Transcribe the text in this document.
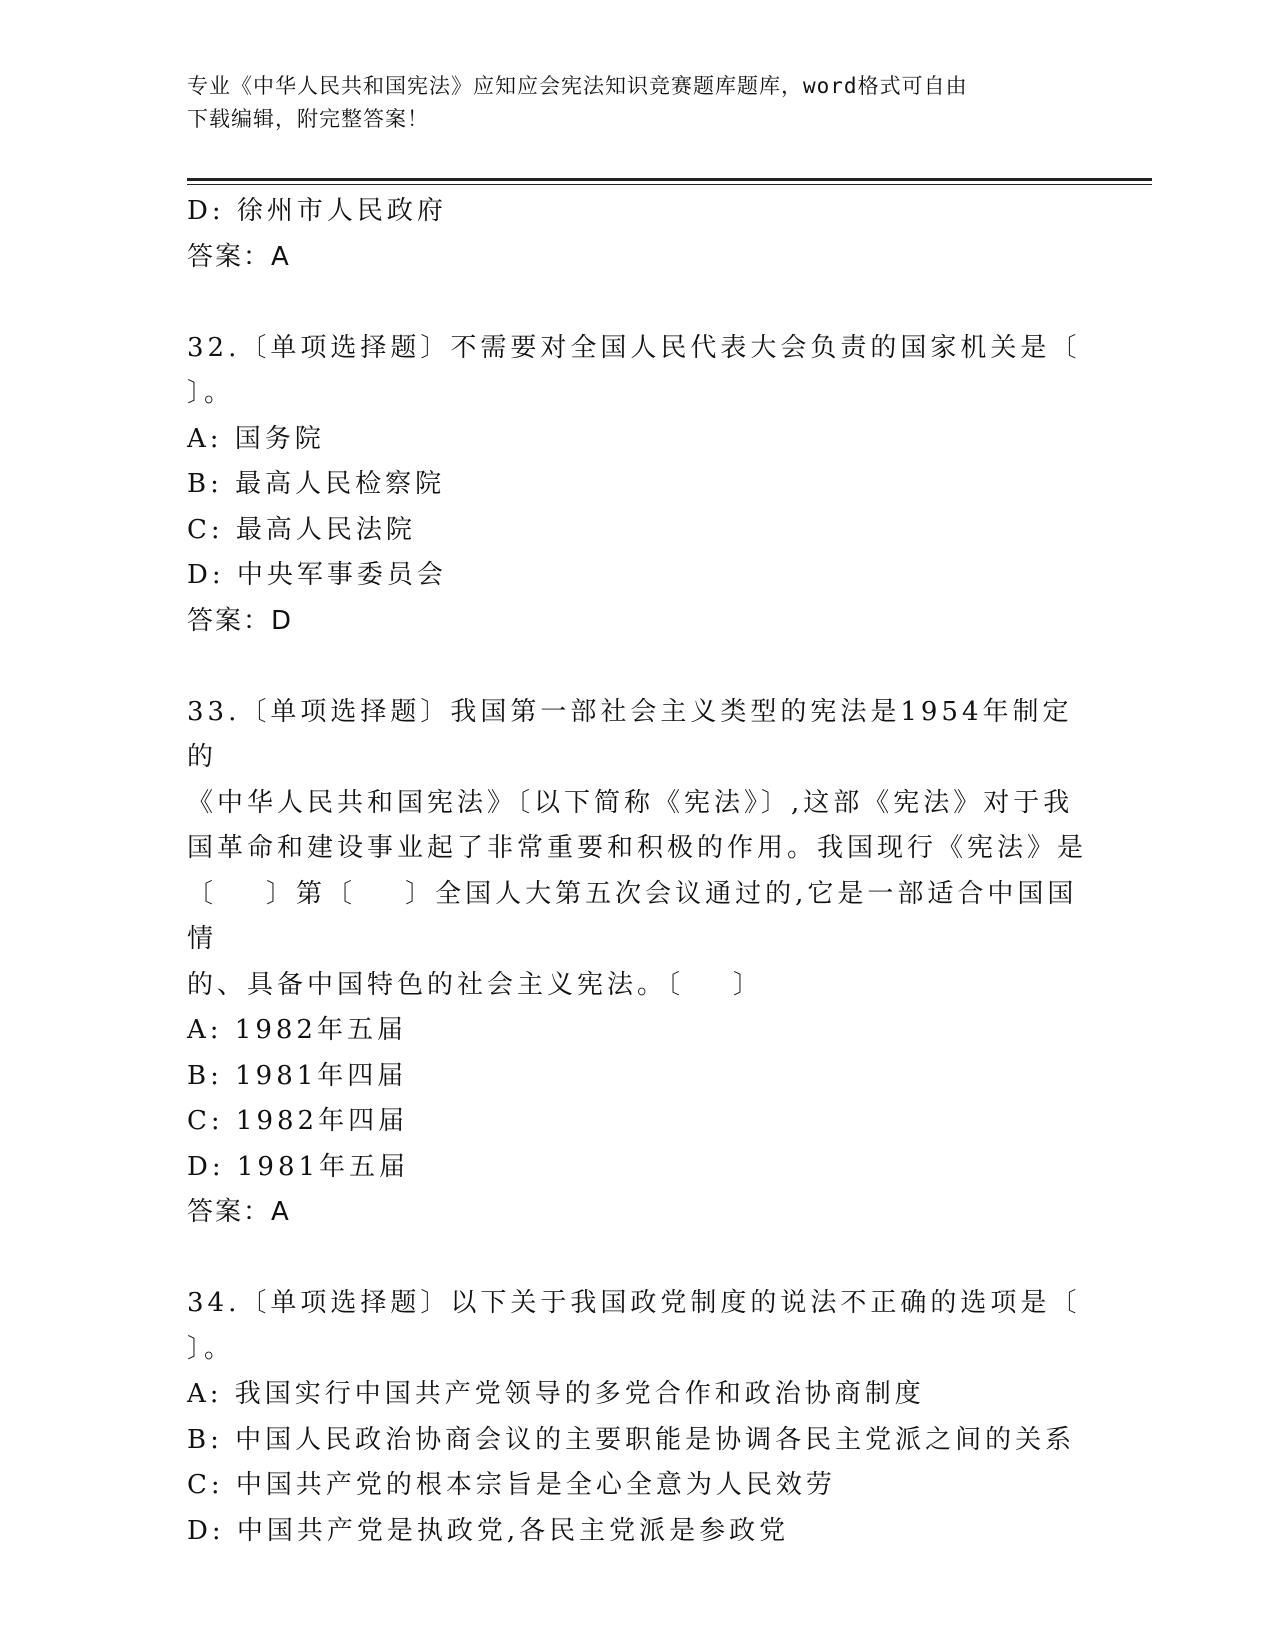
专业《中华人民共和国宪法》应知应会宪法知识竞赛题库题库，word格式可自由
下载编辑，附完整答案！
D: 徐州市人民政府
答案：A
32.〔单项选择题〕不需要对全国人民代表大会负责的国家机关是〔
〕。
A: 国务院
B: 最高人民检察院
C: 最高人民法院
D: 中央军事委员会
答案：D
33.〔单项选择题〕我国第一部社会主义类型的宪法是1954年制定的
《中华人民共和国宪法》〔以下简称《宪法》〕,这部《宪法》对于我
国革命和建设事业起了非常重要和积极的作用。我国现行《宪法》是
〔    〕第〔    〕全国人大第五次会议通过的,它是一部适合中国国情
的、具备中国特色的社会主义宪法。〔    〕
A: 1982年五届
B: 1981年四届
C: 1982年四届
D: 1981年五届
答案：A
34.〔单项选择题〕以下关于我国政党制度的说法不正确的选项是〔
〕。
A: 我国实行中国共产党领导的多党合作和政治协商制度
B: 中国人民政治协商会议的主要职能是协调各民主党派之间的关系
C: 中国共产党的根本宗旨是全心全意为人民效劳
D: 中国共产党是执政党,各民主党派是参政党
